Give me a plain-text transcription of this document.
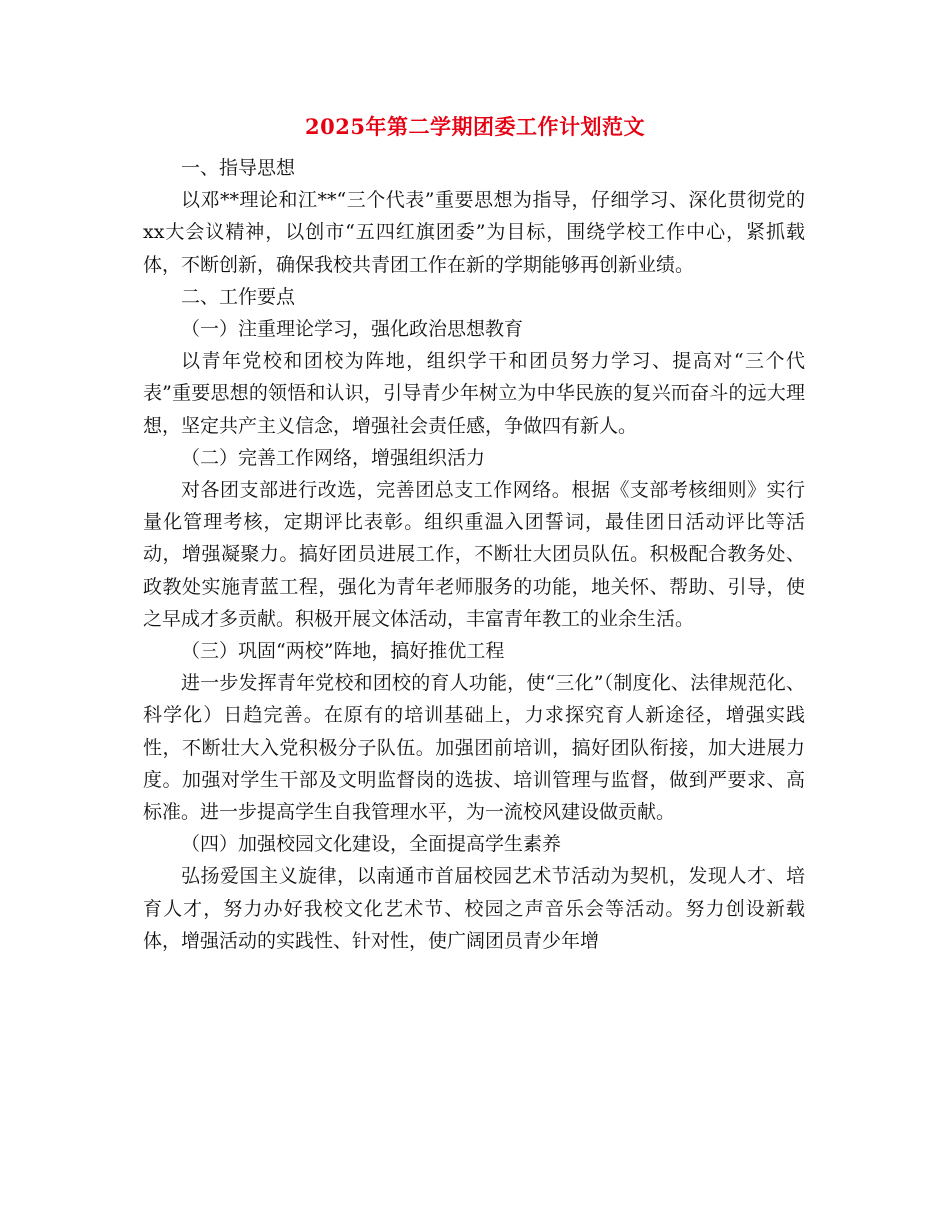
2025年第二学期团委工作计划范文

一、指导思想

以邓**理论和江**“三个代表”重要思想为指导，仔细学习、深化贯彻党的xx大会议精神，以创市“五四红旗团委”为目标，围绕学校工作中心，紧抓载体，不断创新，确保我校共青团工作在新的学期能够再创新业绩。

二、工作要点

（一）注重理论学习，强化政治思想教育

以青年党校和团校为阵地，组织学干和团员努力学习、提高对“三个代表”重要思想的领悟和认识，引导青少年树立为中华民族的复兴而奋斗的远大理想，坚定共产主义信念，增强社会责任感，争做四有新人。

（二）完善工作网络，增强组织活力

对各团支部进行改选，完善团总支工作网络。根据《支部考核细则》实行量化管理考核，定期评比表彰。组织重温入团誓词，最佳团日活动评比等活动，增强凝聚力。搞好团员进展工作，不断壮大团员队伍。积极配合教务处、政教处实施青蓝工程，强化为青年老师服务的功能，地关怀、帮助、引导，使之早成才多贡献。积极开展文体活动，丰富青年教工的业余生活。

（三）巩固“两校”阵地，搞好推优工程

进一步发挥青年党校和团校的育人功能，使“三化”（制度化、法律规范化、科学化）日趋完善。在原有的培训基础上，力求探究育人新途径，增强实践性，不断壮大入党积极分子队伍。加强团前培训，搞好团队衔接，加大进展力度。加强对学生干部及文明监督岗的选拔、培训管理与监督，做到严要求、高标准。进一步提高学生自我管理水平，为一流校风建设做贡献。

（四）加强校园文化建设，全面提高学生素养

弘扬爱国主义旋律，以南通市首届校园艺术节活动为契机，发现人才、培育人才，努力办好我校文化艺术节、校园之声音乐会等活动。努力创设新载体，增强活动的实践性、针对性，使广阔团员青少年增
